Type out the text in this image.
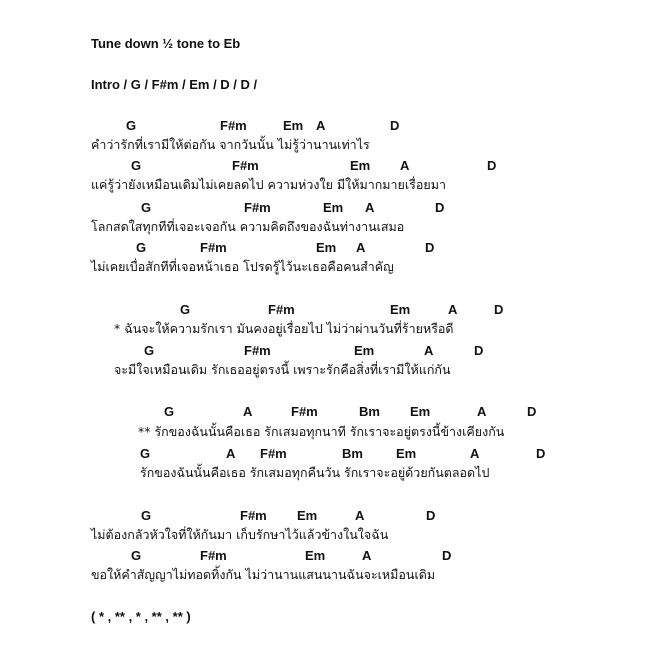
Tune down ½ tone to Eb
Intro / G / F#m / Em / D / D /
G	F#m	Em A	D
คำว่ารักที่เรามีให้ต่อกัน จากวันนั้น ไม่รู้ว่านานเท่าไร
G	F#m	Em A	D
แค่รู้ว่ายังเหมือนเดิมไม่เคยลดไป ความห่วงใย มีให้มากมายเรื่อยมา
G	F#m	Em A	D
โลกสดใสทุกทีที่เจอะเจอกัน ความคิดถึงของฉันท่างานเสมอ
G	F#m	Em A	D
ไม่เคยเบื่อสักทีที่เจอหน้าเธอ โปรดรู้ไว้นะเธอคือคนสำคัญ
G	F#m	Em	A	D
* ฉันจะให้ความรักเรา มันคงอยู่เรื่อยไป ไม่ว่าผ่านวันที่ร้ายหรือดี
G	F#m	Em	A	D
จะมีใจเหมือนเดิม รักเธออยู่ตรงนี้ เพราะรักคือสิ่งที่เรามีให้แก่กัน
G	A	F#m	Bm Em	A	D
** รักของฉันนั้นคือเธอ รักเสมอทุกนาที รักเราจะอยู่ตรงนี้ข้างเคียงกัน
G	A F#m	Bm	Em	A	D
รักของฉันนั้นคือเธอ รักเสมอทุกคืนวัน รักเราจะอยู่ด้วยกันตลอดไป
G	F#m Em	A	D
ไม่ต้องกลัวหัวใจที่ให้กันมา เก็บรักษาไว้แล้วข้างในใจฉัน
G	F#m	Em	A	D
ขอให้คำสัญญาไม่ทอดทิ้งกัน ไม่ว่านานแสนนานฉันจะเหมือนเดิม
( * , ** , * , ** , ** )
